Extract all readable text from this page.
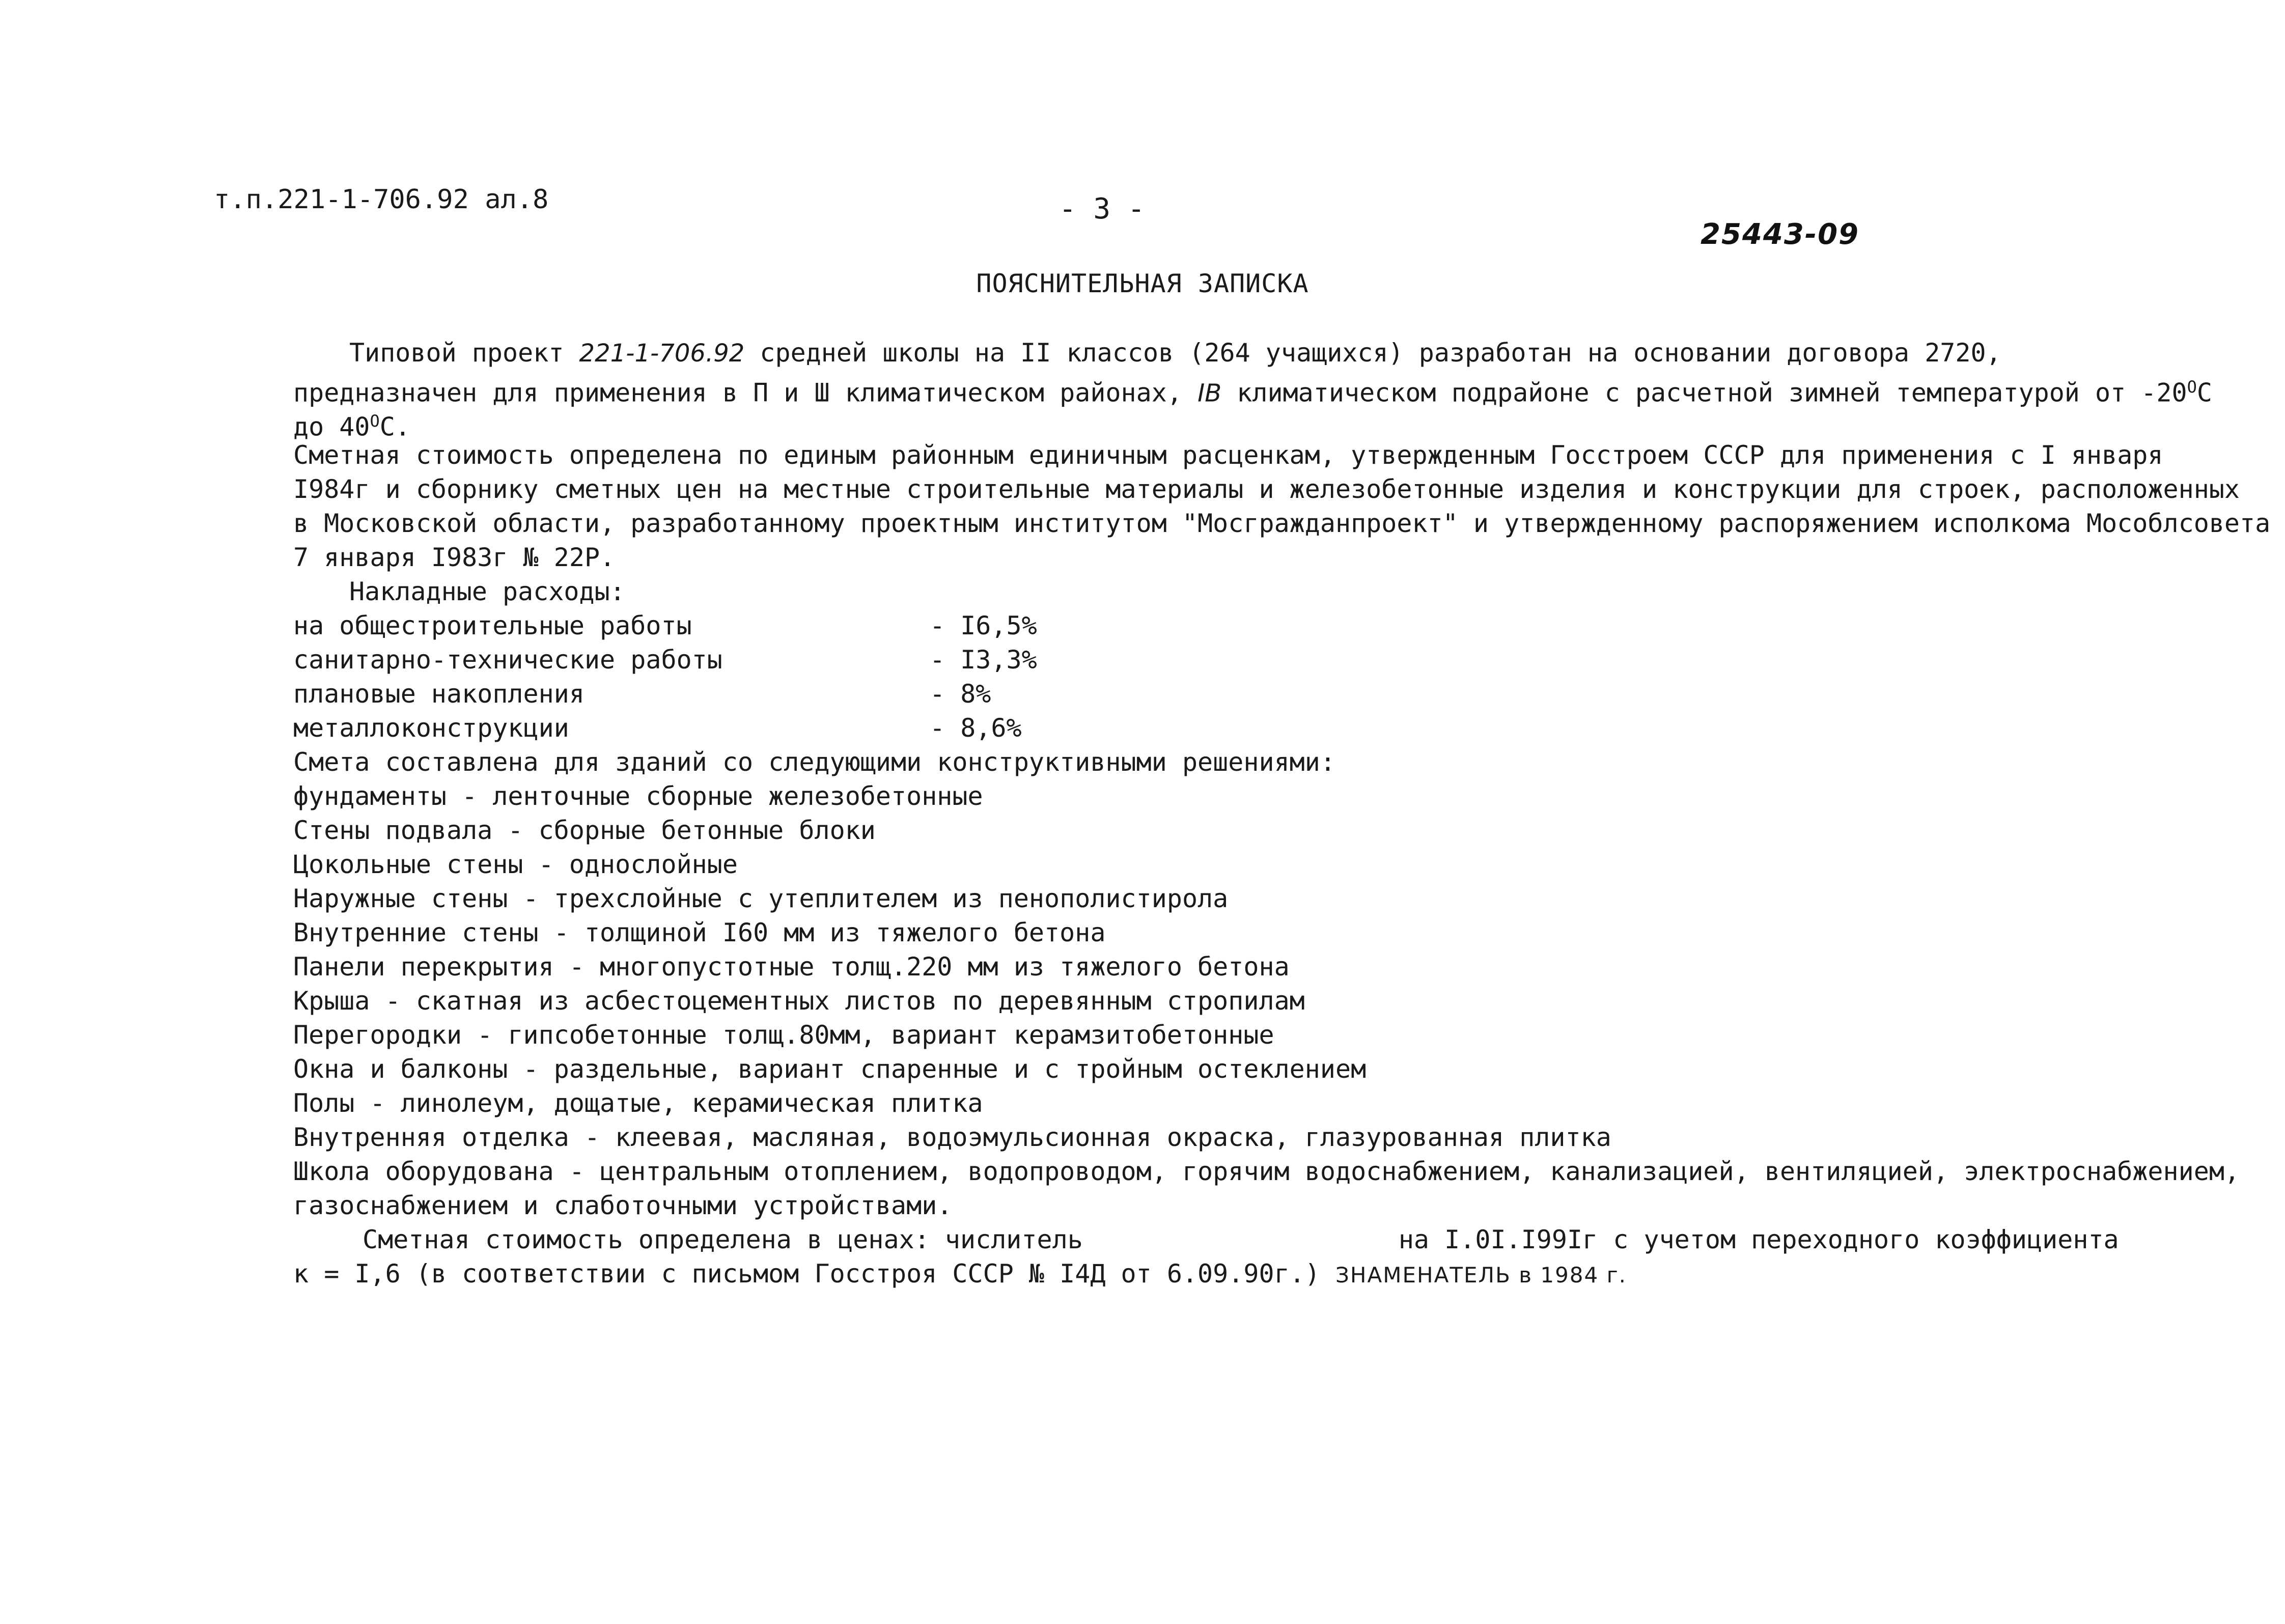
т.п.221-1-706.92 ал.8	- 3 -
25443-09
ПОЯСНИТЕЛЬНАЯ ЗАПИСКА
Типовой проект 221-1-706.92 средней школы на II классов (264 учащихся) разработан на основании договора 2720,
предназначен для применения в П и Ш климатическом районах, IВ климатическом подрайоне с расчетной зимней температурой от $-20^ОС$
до $40^ОС$.
Сметная стоимость определена по единым районным единичным расценкам, утвержденным Госстроем СССР для применения с I января
I984г и сборнику сметных цен на местные строительные материалы и железобетонные изделия и конструкции для строек, расположенных
в Московской области, разработанному проектным институтом "Мосгражданпроект" и утвержденному распоряжением исполкома Мособлсовета
7 января I983г № 22Р.
Накладные расходы:
на общестроительные работы	- I6,5%
санитарно-технические работы	- I3,3%
плановые накопления	- 8%
металлоконструкции	- 8,6%
Смета составлена для зданий со следующими конструктивными решениями:
фундаменты - ленточные сборные железобетонные
Стены подвала - сборные бетонные блоки
Цокольные стены - однослойные
Наружные стены - трехслойные с утеплителем из пенополистирола
Внутренние стены - толщиной I60 мм из тяжелого бетона
Панели перекрытия - многопустотные толщ.220 мм из тяжелого бетона
Крыша - скатная из асбестоцементных листов по деревянным стропилам
Перегородки - гипсобетонные толщ.80мм, вариант керамзитобетонные
Окна и балконы - раздельные, вариант спаренные и с тройным остеклением
Полы - линолеум, дощатые, керамическая плитка
Внутренняя отделка - клеевая, масляная, водоэмульсионная окраска, глазурованная плитка
Школа оборудована - центральным отоплением, водопроводом, горячим водоснабжением, канализацией, вентиляцией, электроснабжением,
газоснабжением и слаботочными устройствами.
Сметная стоимость определена в ценах: числитель	на I.0I.I99Iг с учетом переходного коэффициента
к = I,6 (в соответствии с письмом Госстроя СССР № I4Д от 6.09.90г.) ЗНАМЕНАТЕЛЬ в 1984 г.
